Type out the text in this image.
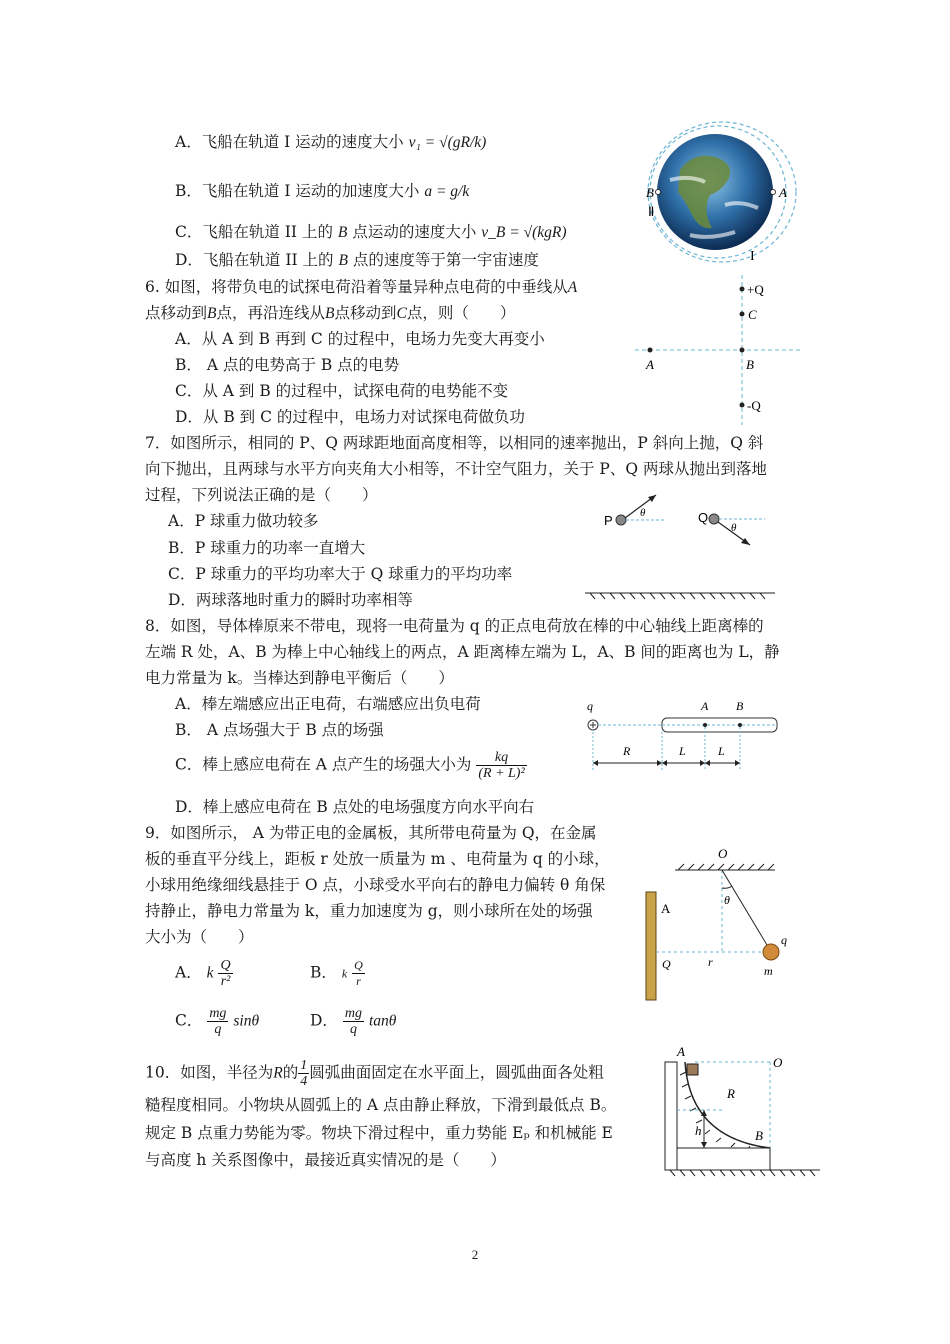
A．飞船在轨道 I 运动的速度大小 v₁ = √(gR/k)
B．飞船在轨道 I 运动的加速度大小 a = g/k
C．飞船在轨道 II 上的 B 点运动的速度大小 v_B = √(kgR)
D．飞船在轨道 II 上的 B 点的速度等于第一宇宙速度
A
B
Ⅱ
I
6. 如图，将带负电的试探电荷沿着等量异种点电荷的中垂线从A
点移动到B点，再沿连线从B点移动到C点，则（　　）
A．从 A 到 B 再到 C 的过程中，电场力先变大再变小
B． A 点的电势高于 B 点的电势
C．从 A 到 B 的过程中，试探电荷的电势能不变
D．从 B 到 C 的过程中，电场力对试探电荷做负功
+Q
C
A	B
-Q
7．如图所示，相同的 P、Q 两球距地面高度相等，以相同的速率抛出，P 斜向上抛，Q 斜
向下抛出，且两球与水平方向夹角大小相等，不计空气阻力，关于 P、Q 两球从抛出到落地
过程，下列说法正确的是（　　）
A．P 球重力做功较多
B．P 球重力的功率一直增大
C．P 球重力的平均功率大于 Q 球重力的平均功率
D．两球落地时重力的瞬时功率相等
P θ	Q
θ
8．如图，导体棒原来不带电，现将一电荷量为 q 的正点电荷放在棒的中心轴线上距离棒的
左端 R 处，A、B 为棒上中心轴线上的两点，A 距离棒左端为 L，A、B 间的距离也为 L，静
电力常量为 k。当棒达到静电平衡后（　　）
A．棒左端感应出正电荷，右端感应出负电荷
B． A 点场强大于 B 点的场强
C．棒上感应电荷在 A 点产生的场强大小为 $\frac{kq}{\text{(R + L)²}}$
D．棒上感应电荷在 B 点处的电场强度方向水平向右
q	A B
R	L	L
9．如图所示， A 为带正电的金属板，其所带电荷量为 Q，在金属
板的垂直平分线上，距板 r 处放一质量为 m 、电荷量为 q 的小球，
小球用绝缘细线悬挂于 O 点，小球受水平向右的静电力偏转 θ 角保
持静止，静电力常量为 k，重力加速度为 g，则小球所在处的场强
大小为（　　）
A． k $\frac{Q}{\text{r²}}$	B． k $\frac{Q}{r}$
C． $\frac{mg}{q}$ sinθ	D． $\frac{mg}{q}$ tanθ
O
θ
A
Q	r
q
m
10．如图，半径为R的 $\frac{1}{4}$ 圆弧曲面固定在水平面上，圆弧曲面各处粗
糙程度相同。小物块从圆弧上的 A 点由静止释放，下滑到最低点 B。
规定 B 点重力势能为零。物块下滑过程中，重力势能 Eₚ 和机械能 E
与高度 h 关系图像中，最接近真实情况的是（　　）
A
O
R
h	B
2
